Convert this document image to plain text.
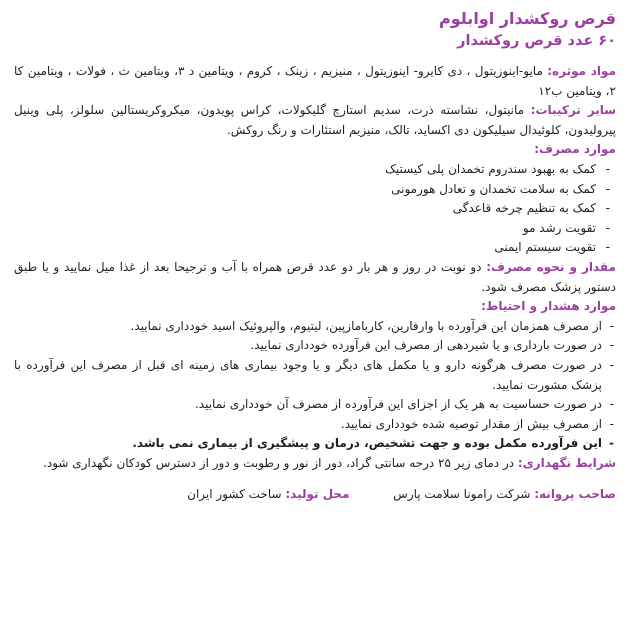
قرص روکشدار اوابلوم
۶۰ عدد قرص روکشدار

مواد موثره: مایو-اینوزیتول ، دی کایرو- اینوزیتول ، منیزیم ، زینک ، کروم ، ویتامین د ۳، ویتامین ث ، فولات ، ویتامین کا ۲، ویتامین ب۱۲

سایر ترکیبات: مانیتول، نشاسته ذرت، سدیم استارچ گلیکولات، کراس پویدون، میکروکریستالین سلولز، پلی وینیل پیرولیدون، کلوئیدال سیلیکون دی اکساید، تالک، منیزیم استئارات و رنگ روکش.

موارد مصرف:

- کمک به بهبود سندروم تخمدان پلی کیستیک
- کمک به سلامت تخمدان و تعادل هورمونی
- کمک به تنظیم چرخه قاعدگی
- تقویت رشد مو
- تقویت سیستم ایمنی

مقدار و نحوه مصرف: دو نوبت در روز و هر بار دو عدد قرص همراه با آب و ترجیحا بعد از غذا میل نمایید و یا طبق دستور پزشک مصرف شود.

موارد هشدار و احتیاط:

- از مصرف همزمان این فرآورده با وارفارین، کاربامازپین، لیتیوم، والپروئیک اسید خودداری نمایید.
- در صورت بارداری و یا شیردهی از مصرف این فرآورده خودداری نمایید.
- در صورت مصرف هرگونه دارو و یا مکمل های دیگر و یا وجود بیماری های زمینه ای قبل از مصرف این فرآورده با پزشک مشورت نمایید.
- در صورت حساسیت به هر یک از اجزای این فرآورده از مصرف آن خودداری نمایید.
- از مصرف بیش از مقدار توصیه شده خودداری نمایید.
- این فرآورده مکمل بوده و جهت تشخیص، درمان و پیشگیری از بیماری نمی باشد.

شرایط نگهداری: در دمای زیر ۲۵ درجه سانتی گراد، دور از نور و رطوبت و دور از دسترس کودکان نگهداری شود.

صاحب پروانه: شرکت رامونا سلامت پارس  محل تولید: ساخت کشور ایران
